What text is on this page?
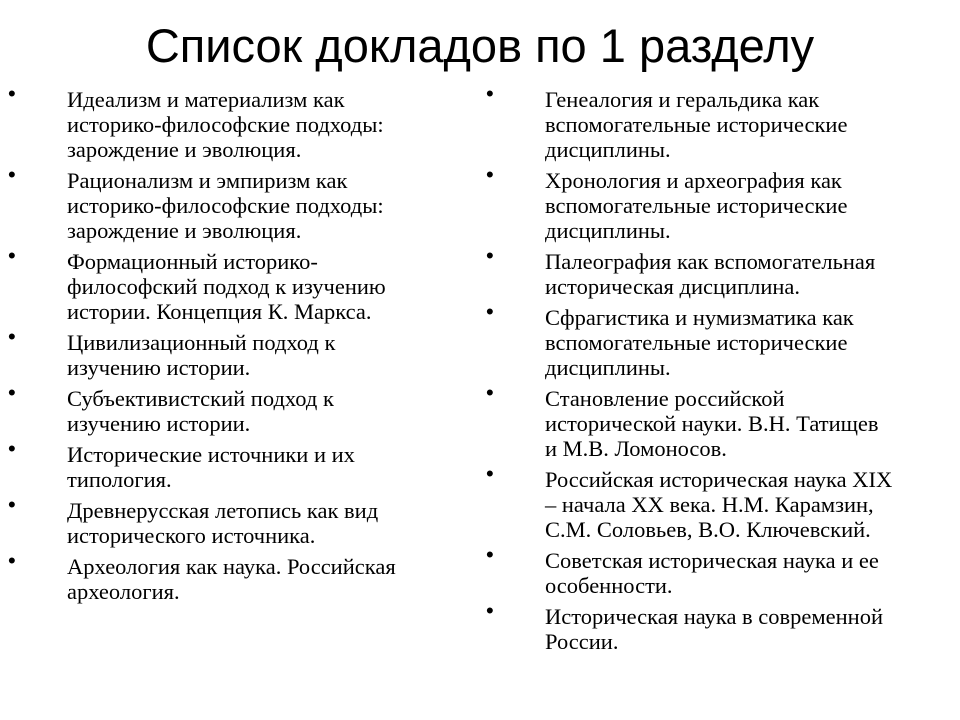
Список докладов по 1 разделу
• Идеализм и материализм как
историко-философские подходы:
зарождение и эволюция.
• Рационализм и эмпиризм как
историко-философские подходы:
зарождение и эволюция.
• Формационный историко-
философский подход к изучению
истории. Концепция К. Маркса.
• Цивилизационный подход к
изучению истории.
• Субъективистский подход к
изучению истории.
• Исторические источники и их
типология.
• Древнерусская летопись как вид
исторического источника.
• Археология как наука. Российская
археология.
• Генеалогия и геральдика как
вспомогательные исторические
дисциплины.
• Хронология и археография как
вспомогательные исторические
дисциплины.
• Палеография как вспомогательная
историческая дисциплина.
• Сфрагистика и нумизматика как
вспомогательные исторические
дисциплины.
• Становление российской
исторической науки. В.Н. Татищев
и М.В. Ломоносов.
• Российская историческая наука XIX
– начала XX века. Н.М. Карамзин,
С.М. Соловьев, В.О. Ключевский.
• Советская историческая наука и ее
особенности.
• Историческая наука в современной
России.
